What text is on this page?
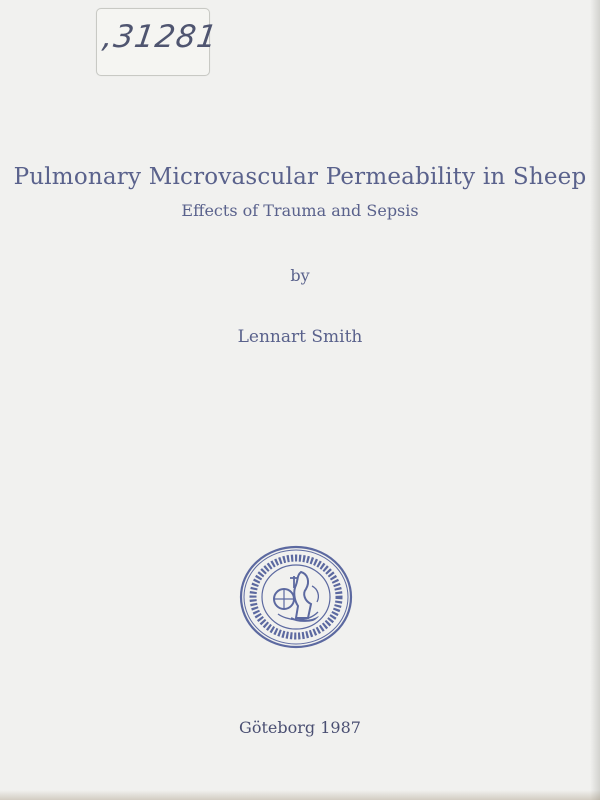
,31281
Pulmonary Microvascular Permeability in Sheep
Effects of Trauma and Sepsis
by
Lennart Smith
Göteborg 1987
